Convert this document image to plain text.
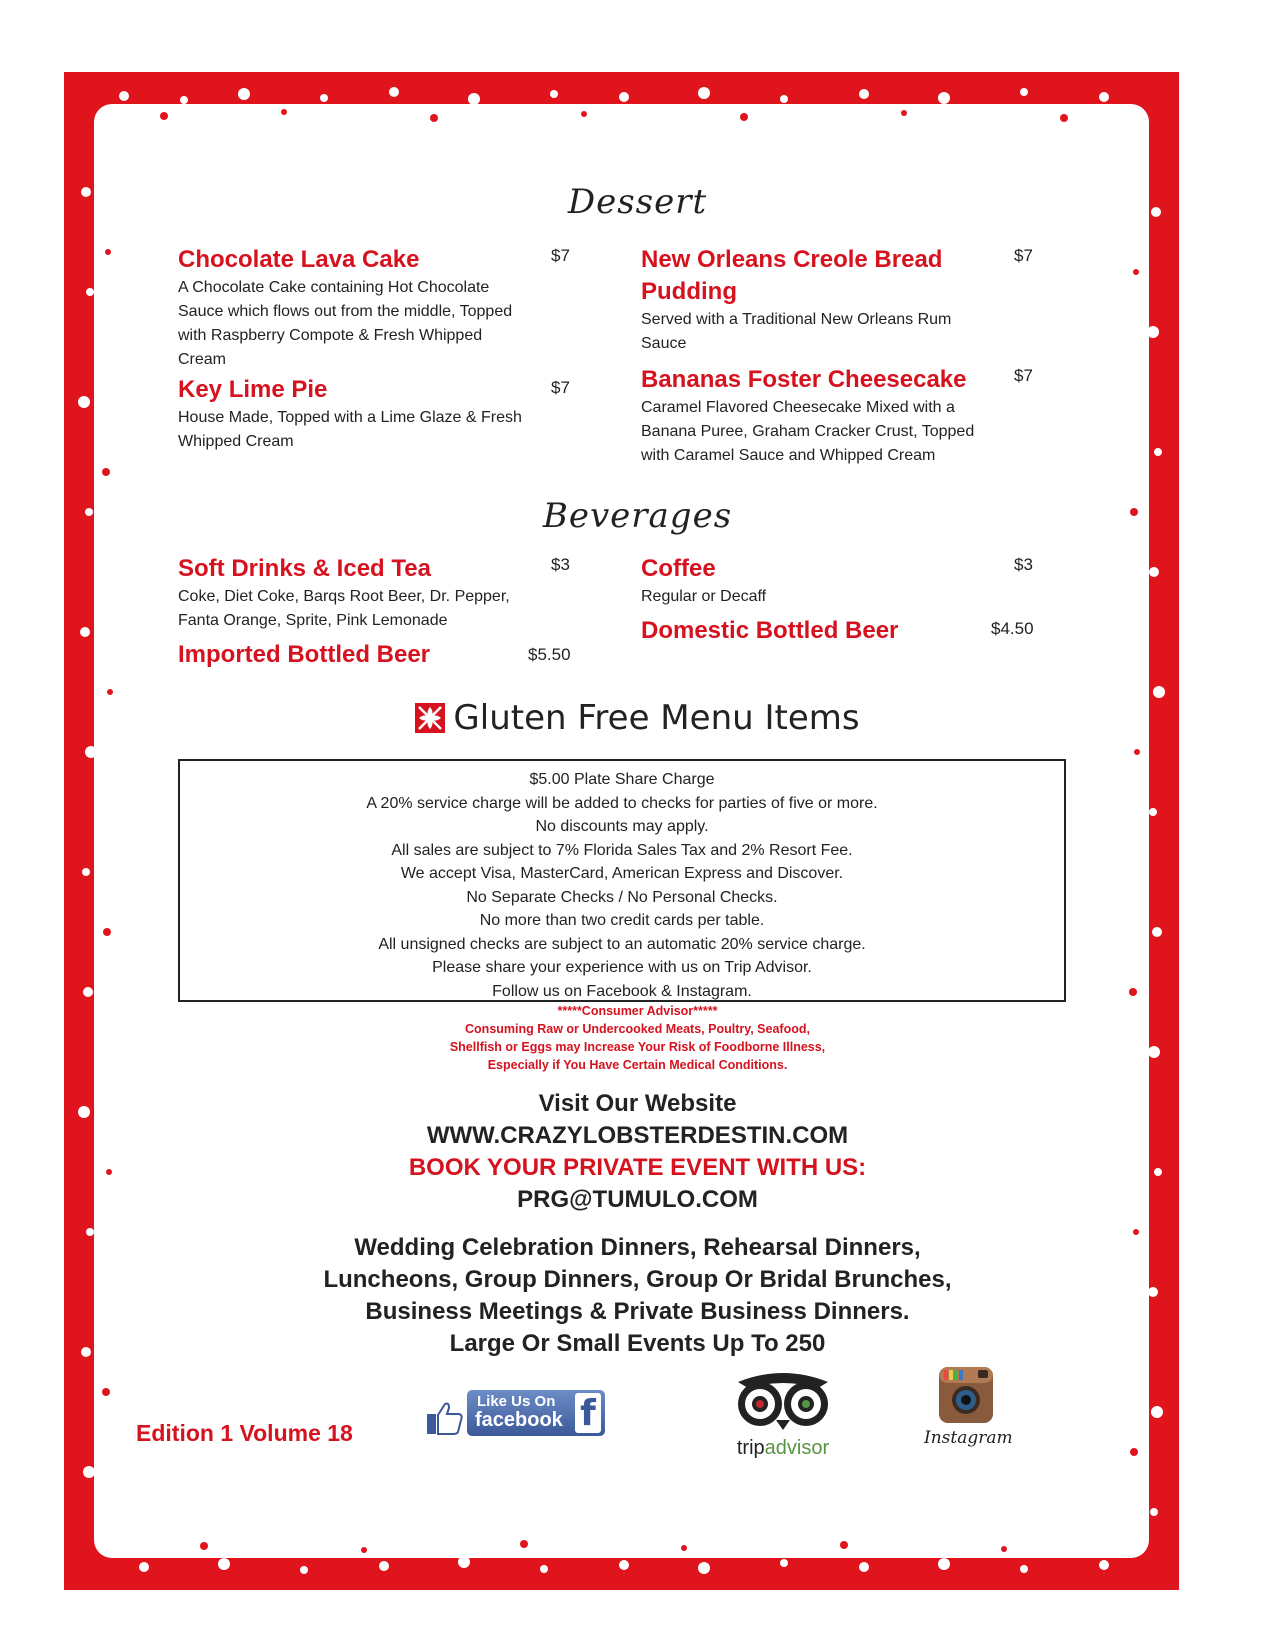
Dessert
Chocolate Lava Cake	$7
A Chocolate Cake containing Hot Chocolate
Sauce which flows out from the middle, Topped
with Raspberry Compote & Fresh Whipped
Cream
Key Lime Pie	$7
House Made, Topped with a Lime Glaze & Fresh
Whipped Cream
New Orleans Creole Bread
Pudding
$7
Served with a Traditional New Orleans Rum
Sauce
Bananas Foster Cheesecake	$7
Caramel Flavored Cheesecake Mixed with a
Banana Puree, Graham Cracker Crust, Topped
with Caramel Sauce and Whipped Cream
Beverages
Soft Drinks & Iced Tea	$3
Coke, Diet Coke, Barqs Root Beer, Dr. Pepper,
Fanta Orange, Sprite, Pink Lemonade
Imported Bottled Beer	$5.50
Coffee	$3
Regular or Decaff
Domestic Bottled Beer	$4.50
Gluten Free Menu Items
$5.00 Plate Share Charge
A 20% service charge will be added to checks for parties of five or more.
No discounts may apply.
All sales are subject to 7% Florida Sales Tax and 2% Resort Fee.
We accept Visa, MasterCard, American Express and Discover.
No Separate Checks / No Personal Checks.
No more than two credit cards per table.
All unsigned checks are subject to an automatic 20% service charge.
Please share your experience with us on Trip Advisor.
Follow us on Facebook & Instagram.
*****Consumer Advisor*****
Consuming Raw or Undercooked Meats, Poultry, Seafood,
Shellfish or Eggs may Increase Your Risk of Foodborne Illness,
Especially if You Have Certain Medical Conditions.
Visit Our Website
WWW.CRAZYLOBSTERDESTIN.COM
BOOK YOUR PRIVATE EVENT WITH US:
PRG@TUMULO.COM
Wedding Celebration Dinners, Rehearsal Dinners,
Luncheons, Group Dinners, Group Or Bridal Brunches,
Business Meetings & Private Business Dinners.
Large Or Small Events Up To 250
Edition 1 Volume 18
Like Us On
facebook f
tripadvisor	Instagram
